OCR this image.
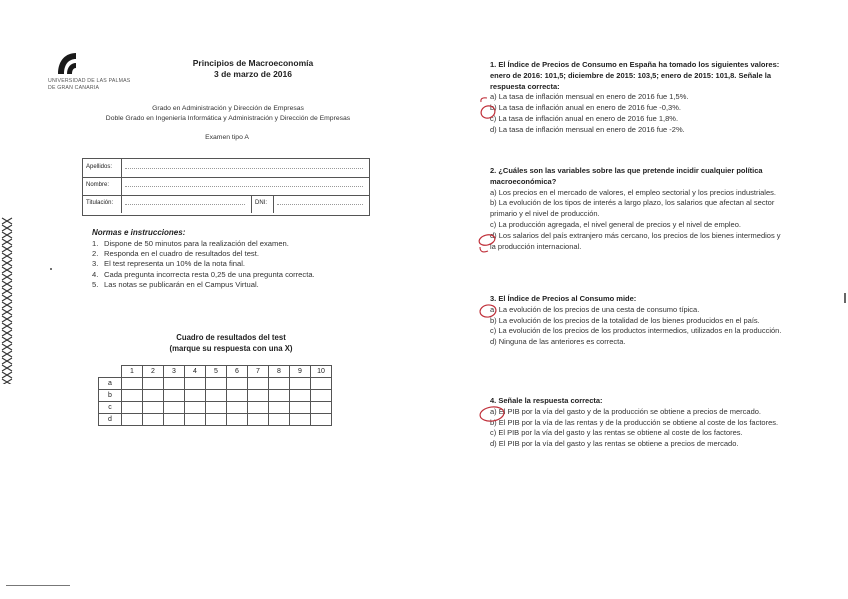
UNIVERSIDAD DE LAS PALMAS
DE GRAN CANARIA
Principios de Macroeconomía
3 de marzo de 2016
Grado en Administración y Dirección de Empresas
Doble Grado en Ingeniería Informática y Administración y Dirección de Empresas
Examen tipo A
Apellidos:
Nombre:
Titulación:	DNI:
Normas e instrucciones:
1. Dispone de 50 minutos para la realización del examen.
2. Responda en el cuadro de resultados del test.
3. El test representa un 10% de la nota final.
4. Cada pregunta incorrecta resta 0,25 de una pregunta correcta.
5. Las notas se publicarán en el Campus Virtual.
Cuadro de resultados del test
(marque su respuesta con una X)
	1	2	3	4	5	6	7	8	9	10
a										
b										
c										
d										
1. El Índice de Precios de Consumo en España ha tomado los siguientes valores: enero de 2016: 101,5; diciembre de 2015: 103,5; enero de 2015: 101,8. Señale la respuesta correcta:
a) La tasa de inflación mensual en enero de 2016 fue 1,5%.
b) La tasa de inflación anual en enero de 2016 fue -0,3%.
c) La tasa de inflación anual en enero de 2016 fue 1,8%.
d) La tasa de inflación mensual en enero de 2016 fue -2%.
2. ¿Cuáles son las variables sobre las que pretende incidir cualquier política macroeconómica?
a) Los precios en el mercado de valores, el empleo sectorial y los precios industriales.
b) La evolución de los tipos de interés a largo plazo, los salarios que afectan al sector primario y el nivel de producción.
c) La producción agregada, el nivel general de precios y el nivel de empleo.
d) Los salarios del país extranjero más cercano, los precios de los bienes intermedios y la producción internacional.
3. El Índice de Precios al Consumo mide:
a) La evolución de los precios de una cesta de consumo típica.
b) La evolución de los precios de la totalidad de los bienes producidos en el país.
c) La evolución de los precios de los productos intermedios, utilizados en la producción.
d) Ninguna de las anteriores es correcta.
4. Señale la respuesta correcta:
a) El PIB por la vía del gasto y de la producción se obtiene a precios de mercado.
b) El PIB por la vía de las rentas y de la producción se obtiene al coste de los factores.
c) El PIB por la vía del gasto y las rentas se obtiene al coste de los factores.
d) El PIB por la vía del gasto y las rentas se obtiene a precios de mercado.
